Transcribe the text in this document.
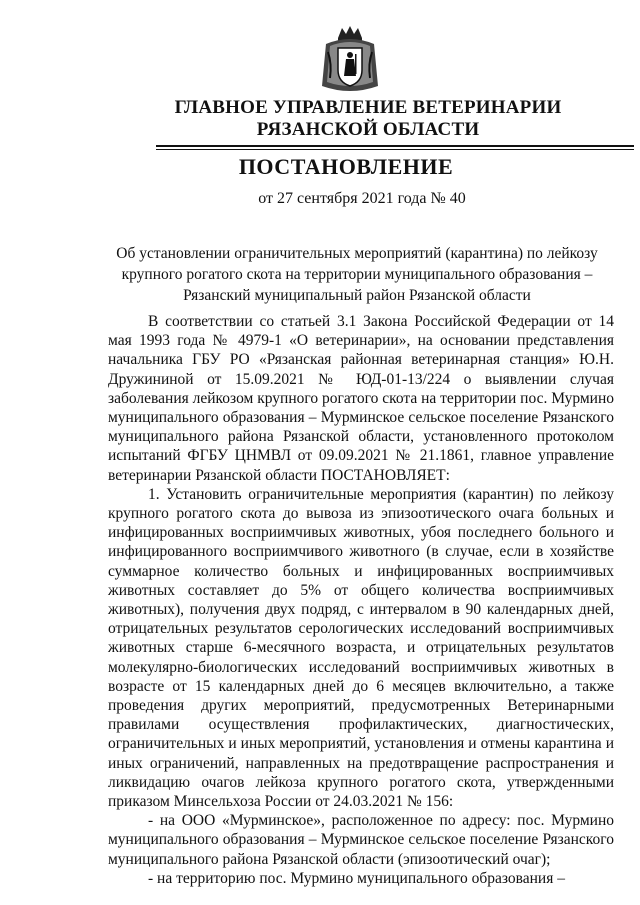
ГЛАВНОЕ УПРАВЛЕНИЕ ВЕТЕРИНАРИИ
РЯЗАНСКОЙ ОБЛАСТИ
ПОСТАНОВЛЕНИЕ
от 27 сентября 2021 года № 40
Об установлении ограничительных мероприятий (карантина) по лейкозу крупного рогатого скота на территории муниципального образования – Рязанский муниципальный район Рязанской области

В соответствии со статьей 3.1 Закона Российской Федерации от 14 мая 1993 года № 4979-1 «О ветеринарии», на основании представления начальника ГБУ РО «Рязанская районная ветеринарная станция» Ю.Н. Дружининой от 15.09.2021 № ЮД-01-13/224 о выявлении случая заболевания лейкозом крупного рогатого скота на территории пос. Мурмино муниципального образования – Мурминское сельское поселение Рязанского муниципального района Рязанской области, установленного протоколом испытаний ФГБУ ЦНМВЛ от 09.09.2021 № 21.1861, главное управление ветеринарии Рязанской области ПОСТАНОВЛЯЕТ:

1. Установить ограничительные мероприятия (карантин) по лейкозу крупного рогатого скота до вывоза из эпизоотического очага больных и инфицированных восприимчивых животных, убоя последнего больного и инфицированного восприимчивого животного (в случае, если в хозяйстве суммарное количество больных и инфицированных восприимчивых животных составляет до 5% от общего количества восприимчивых животных), получения двух подряд, с интервалом в 90 календарных дней, отрицательных результатов серологических исследований восприимчивых животных старше 6-месячного возраста, и отрицательных результатов молекулярно-биологических исследований восприимчивых животных в возрасте от 15 календарных дней до 6 месяцев включительно, а также проведения других мероприятий, предусмотренных Ветеринарными правилами осуществления профилактических, диагностических, ограничительных и иных мероприятий, установления и отмены карантина и иных ограничений, направленных на предотвращение распространения и ликвидацию очагов лейкоза крупного рогатого скота, утвержденными приказом Минсельхоза России от 24.03.2021 № 156:

- на ООО «Мурминское», расположенное по адресу: пос. Мурмино муниципального образования – Мурминское сельское поселение Рязанского муниципального района Рязанской области (эпизоотический очаг);

- на территорию пос. Мурмино муниципального образования –
